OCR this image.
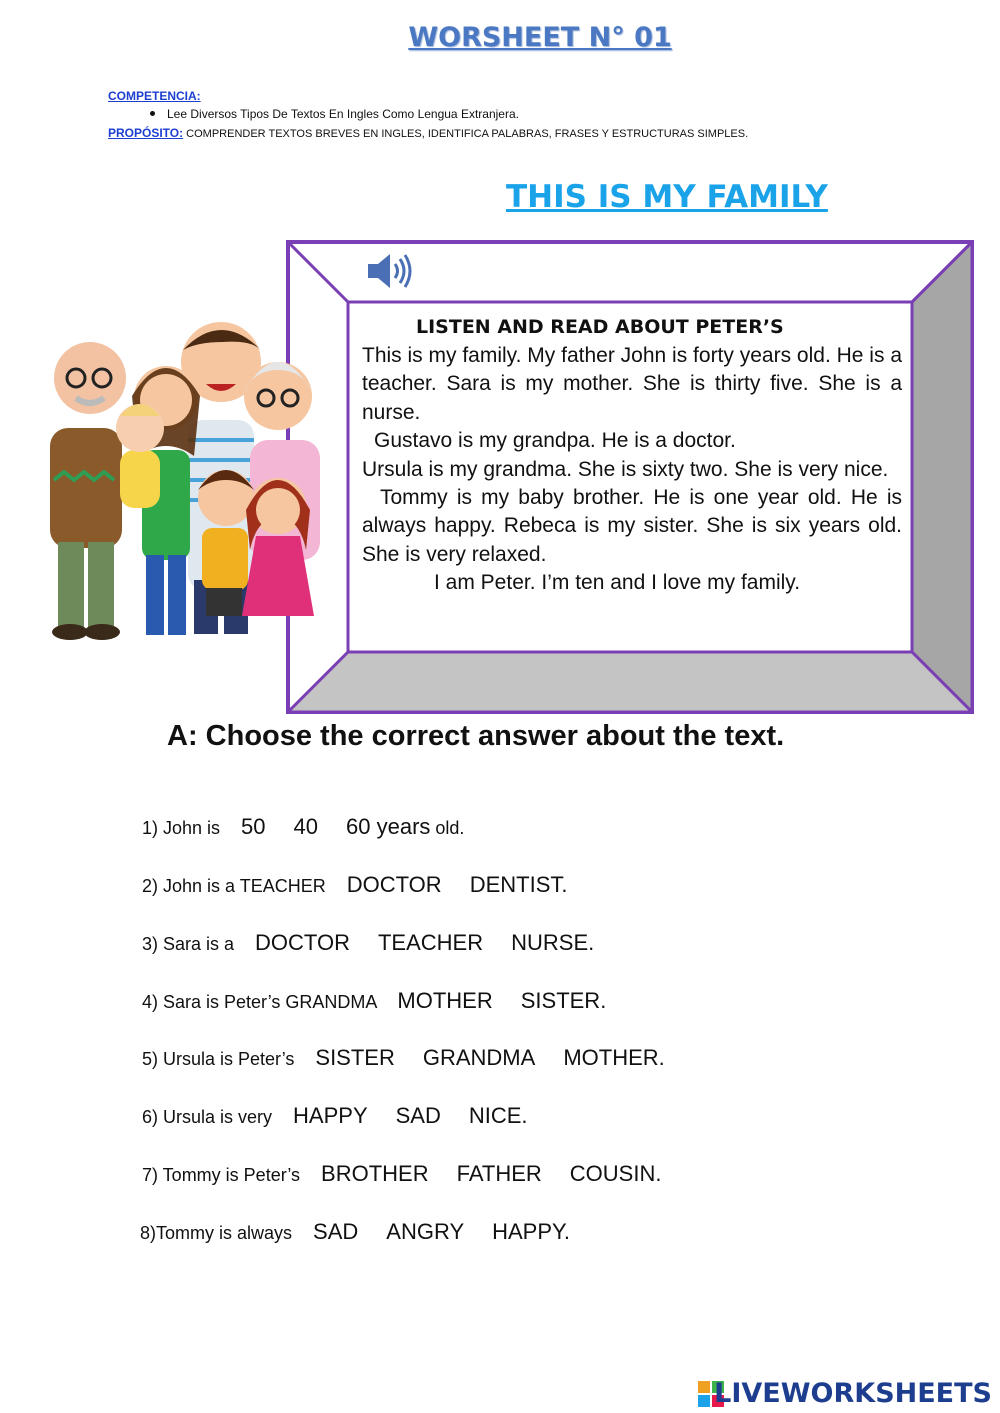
WORSHEET N° 01
COMPETENCIA:
Lee Diversos Tipos De Textos En Ingles Como Lengua Extranjera.
PROPÓSITO: COMPRENDER TEXTOS BREVES EN INGLES, IDENTIFICA PALABRAS, FRASES Y ESTRUCTURAS SIMPLES.
THIS IS MY FAMILY
LISTEN AND READ ABOUT PETER’S

This is my family. My father John is forty years old. He is a teacher. Sara is my mother. She is thirty five. She is a nurse.

Gustavo is my grandpa. He is a doctor.

Ursula is my grandma. She is sixty two. She is very nice.

Tommy is my baby brother. He is one year old. He is always happy. Rebeca is my sister. She is six years old. She is very relaxed.

I am Peter. I’m ten and I love my family.

A: Choose the correct answer about the text.
1) John is 50 40 60 years old.
2) John is a TEACHER DOCTOR DENTIST.
3) Sara is a DOCTOR TEACHER NURSE.
4) Sara is Peter’s GRANDMA MOTHER SISTER.
5) Ursula is Peter’s SISTER GRANDMA MOTHER.
6) Ursula is very HAPPY SAD NICE.
7) Tommy is Peter’s BROTHER FATHER COUSIN.
8)Tommy is always SAD ANGRY HAPPY.
LIVEWORKSHEETS
